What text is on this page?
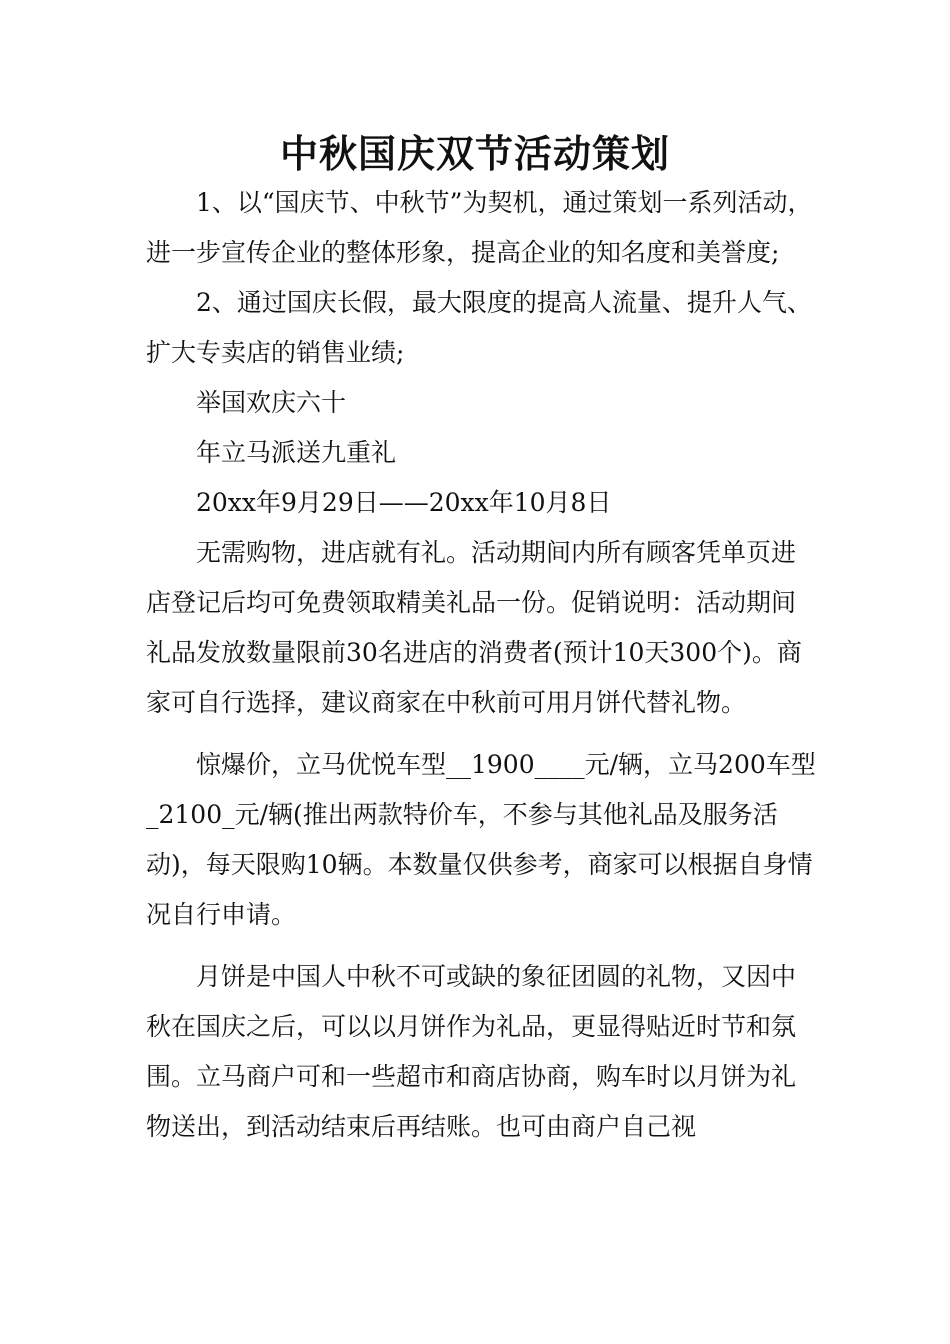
中秋国庆双节活动策划

1、以“国庆节、中秋节”为契机，通过策划一系列活动，进一步宣传企业的整体形象，提高企业的知名度和美誉度;

2、通过国庆长假，最大限度的提高人流量、提升人气、扩大专卖店的销售业绩;

举国欢庆六十

年立马派送九重礼

20xx年9月29日——20xx年10月8日

无需购物，进店就有礼。活动期间内所有顾客凭单页进店登记后均可免费领取精美礼品一份。促销说明：活动期间礼品发放数量限前30名进店的消费者(预计10天300个)。商家可自行选择，建议商家在中秋前可用月饼代替礼物。

惊爆价，立马优悦车型__1900____元/辆，立马200车型_2100_元/辆(推出两款特价车，不参与其他礼品及服务活动)，每天限购10辆。本数量仅供参考，商家可以根据自身情况自行申请。

月饼是中国人中秋不可或缺的象征团圆的礼物，又因中秋在国庆之后，可以以月饼作为礼品，更显得贴近时节和氛围。立马商户可和一些超市和商店协商，购车时以月饼为礼物送出，到活动结束后再结账。也可由商户自己视
